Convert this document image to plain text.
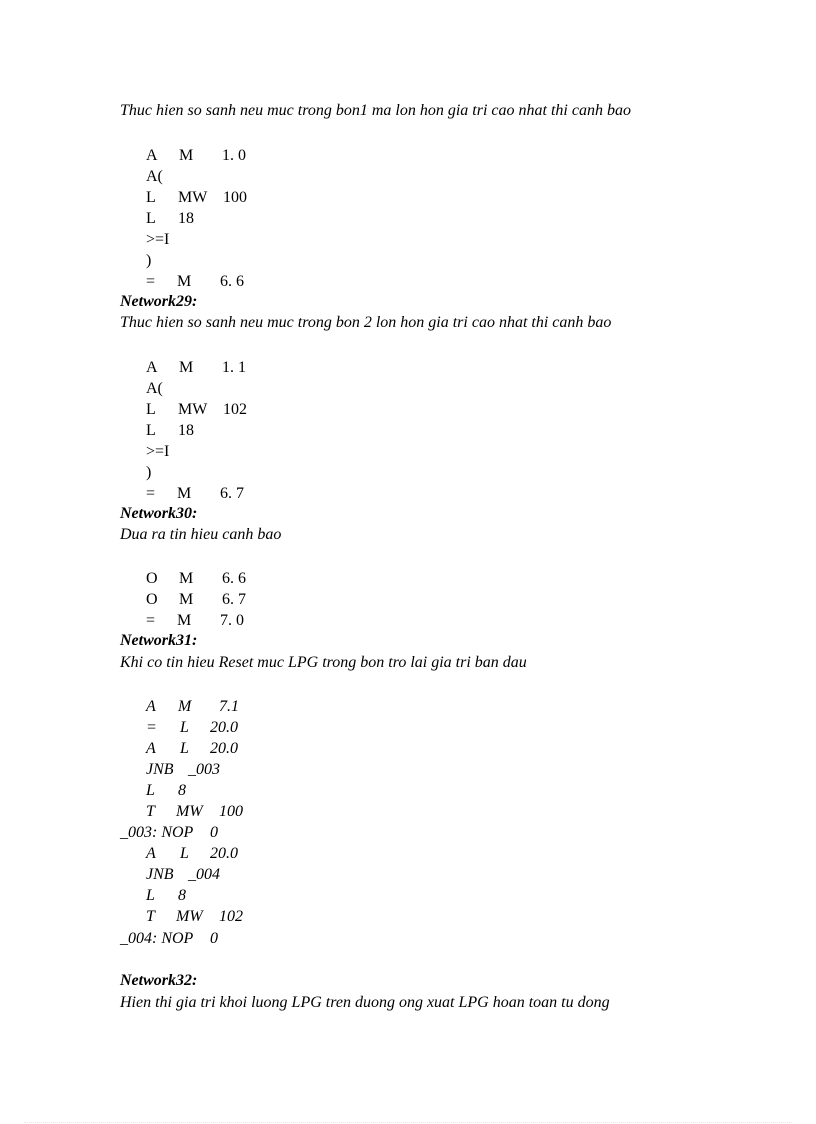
Thuc hien so sanh neu muc trong bon1 ma lon hon gia tri cao nhat thi canh bao
A M 1. 0
A(
L MW 100
L 18
>=I
)
= M 6. 6
Network29:
Thuc hien so sanh neu muc trong bon 2 lon hon gia tri cao nhat thi canh bao
A M 1. 1
A(
L MW 102
L 18
>=I
)
= M 6. 7
Network30:
Dua ra tin hieu canh bao
O M 6. 6
O M 6. 7
= M 7. 0
Network31:
Khi co tin hieu Reset muc LPG trong bon tro lai gia tri ban dau
A M 7.1
= L 20.0
A L 20.0
JNB _003
L 8
T MW 100
_003: NOP 0
A L 20.0
JNB _004
L 8
T MW 102
_004: NOP 0
Network32:
Hien thi gia tri khoi luong LPG tren duong ong xuat LPG hoan toan tu dong
